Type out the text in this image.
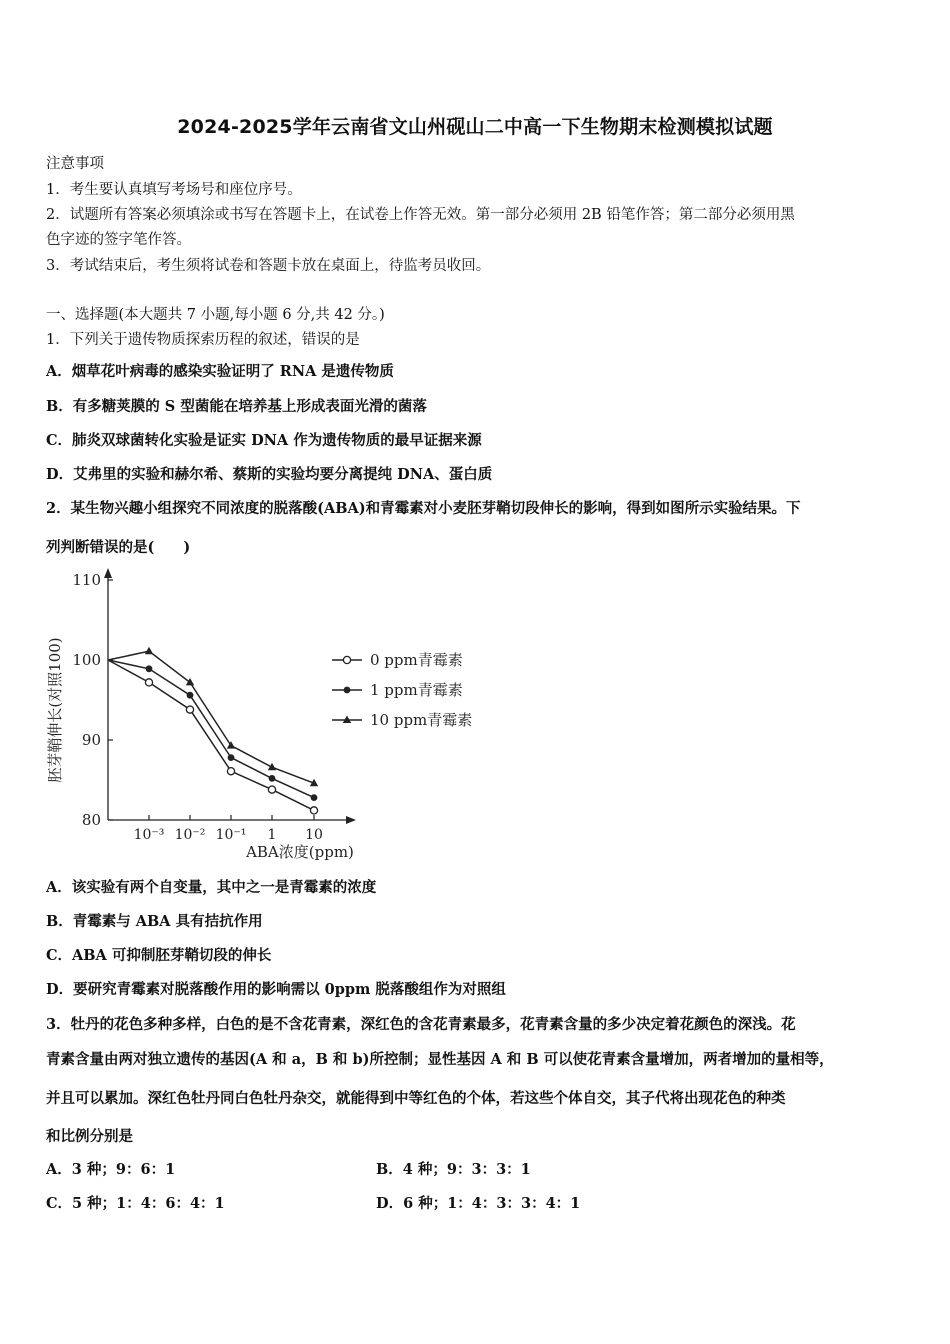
2024-2025学年云南省文山州砚山二中高一下生物期末检测模拟试题
注意事项
1．考生要认真填写考场号和座位序号。
2．试题所有答案必须填涂或书写在答题卡上，在试卷上作答无效。第一部分必须用 2B 铅笔作答；第二部分必须用黑
色字迹的签字笔作答。
3．考试结束后，考生须将试卷和答题卡放在桌面上，待监考员收回。
一、选择题(本大题共 7 小题,每小题 6 分,共 42 分。)
1．下列关于遗传物质探索历程的叙述，错误的是
A．烟草花叶病毒的感染实验证明了 RNA 是遗传物质
B．有多糖荚膜的 S 型菌能在培养基上形成表面光滑的菌落
C．肺炎双球菌转化实验是证实 DNA 作为遗传物质的最早证据来源
D．艾弗里的实验和赫尔希、蔡斯的实验均要分离提纯 DNA、蛋白质
2．某生物兴趣小组探究不同浓度的脱落酸(ABA)和青霉素对小麦胚芽鞘切段伸长的影响，得到如图所示实验结果。下
列判断错误的是(　　)
80
90
100
110
10⁻³ 10⁻² 10⁻¹ 1 10
ABA浓度(ppm)
胚芽鞘伸长(对照100)	0 ppm青霉素
1 ppm青霉素
10 ppm青霉素
A．该实验有两个自变量，其中之一是青霉素的浓度
B．青霉素与 ABA 具有拮抗作用
C．ABA 可抑制胚芽鞘切段的伸长
D．要研究青霉素对脱落酸作用的影响需以 0ppm 脱落酸组作为对照组
3．牡丹的花色多种多样，白色的是不含花青素，深红色的含花青素最多，花青素含量的多少决定着花颜色的深浅。花
青素含量由两对独立遗传的基因(A 和 a，B 和 b)所控制；显性基因 A 和 B 可以使花青素含量增加，两者增加的量相等，
并且可以累加。深红色牡丹同白色牡丹杂交，就能得到中等红色的个体，若这些个体自交，其子代将出现花色的种类
和比例分别是
A．3 种；9：6：1	B．4 种；9：3：3：1
C．5 种；1：4：6：4：1	D．6 种；1：4：3：3：4：1
